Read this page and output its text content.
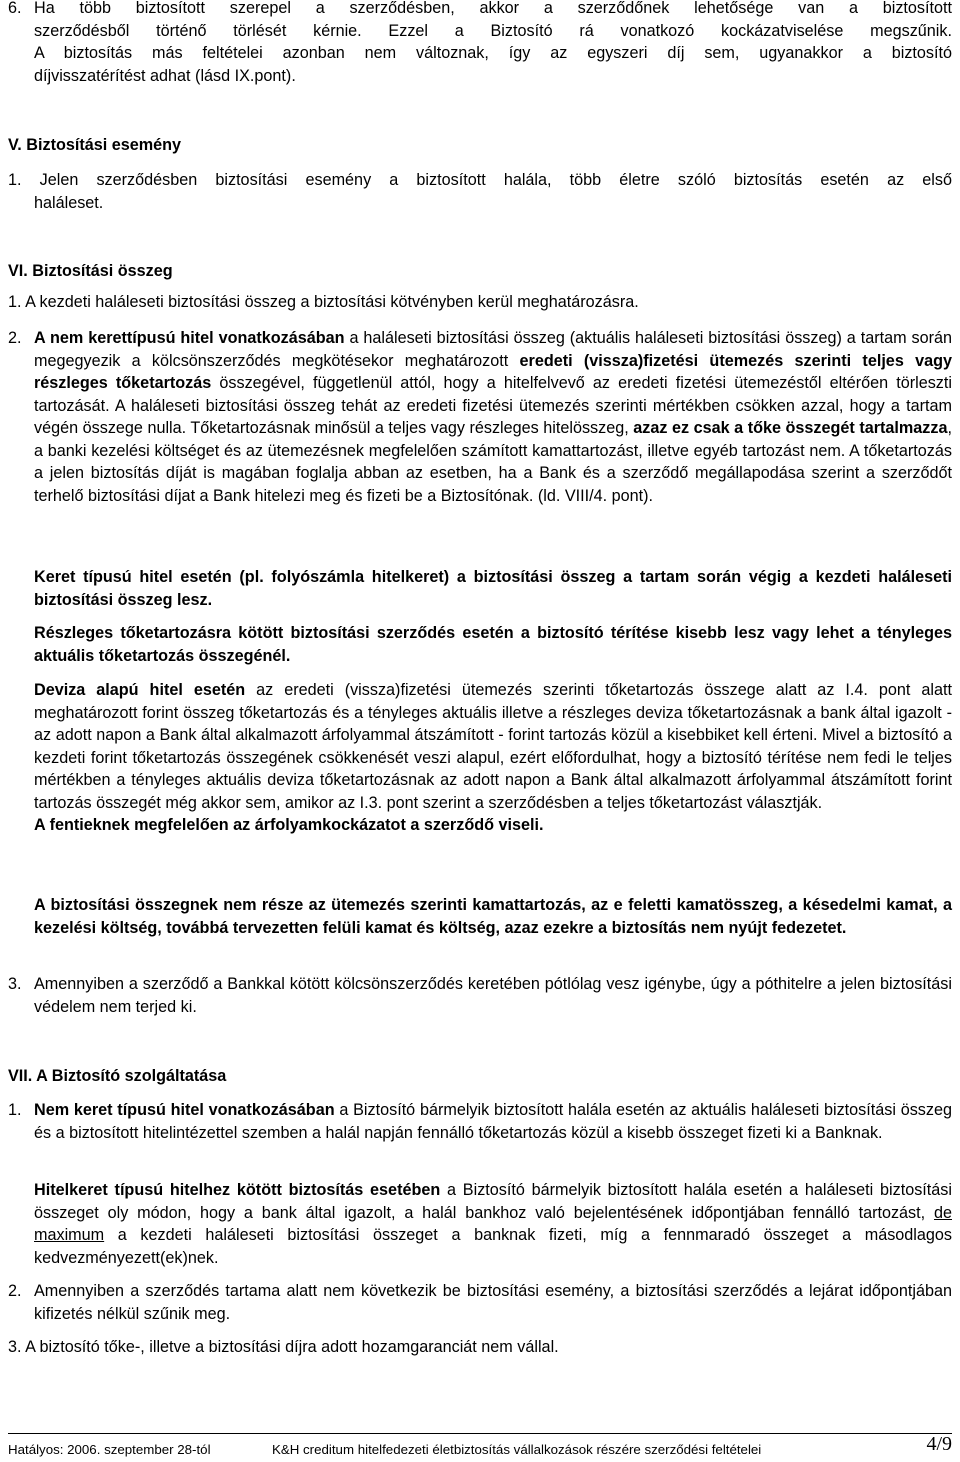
6. Ha több biztosított szerepel a szerződésben, akkor a szerződőnek lehetősége van a biztosított
szerződésből történő törlését kérnie. Ezzel a Biztosító rá vonatkozó kockázatviselése megszűnik.
A biztosítás más feltételei azonban nem változnak, így az egyszeri díj sem, ugyanakkor a biztosító
díjvisszatérítést adhat (lásd IX.pont).
V. Biztosítási esemény
1. Jelen szerződésben biztosítási esemény a biztosított halála, több életre szóló biztosítás esetén az első
haláleset.
VI. Biztosítási összeg

1. A kezdeti haláleseti biztosítási összeg a biztosítási kötvényben kerül meghatározásra.

2. A nem kerettípusú hitel vonatkozásában a haláleseti biztosítási összeg (aktuális haláleseti biztosítási összeg) a tartam során megegyezik a kölcsönszerződés megkötésekor meghatározott eredeti (vissza)fizetési ütemezés szerinti teljes vagy részleges tőketartozás összegével, függetlenül attól, hogy a hitelfelvevő az eredeti fizetési ütemezéstől eltérően törleszti tartozását. A haláleseti biztosítási összeg tehát az eredeti fizetési ütemezés szerinti mértékben csökken azzal, hogy a tartam végén összege nulla. Tőketartozásnak minősül a teljes vagy részleges hitelösszeg, azaz ez csak a tőke összegét tartalmazza, a banki kezelési költséget és az ütemezésnek megfelelően számított kamattartozást, illetve egyéb tartozást nem. A tőketartozás a jelen biztosítás díját is magában foglalja abban az esetben, ha a Bank és a szerződő megállapodása szerint a szerződőt terhelő biztosítási díjat a Bank hitelezi meg és fizeti be a Biztosítónak. (ld. VIII/4. pont).

Keret típusú hitel esetén (pl. folyószámla hitelkeret) a biztosítási összeg a tartam során végig a kezdeti haláleseti biztosítási összeg lesz.

Részleges tőketartozásra kötött biztosítási szerződés esetén a biztosító térítése kisebb lesz vagy lehet a tényleges aktuális tőketartozás összegénél.

Deviza alapú hitel esetén az eredeti (vissza)fizetési ütemezés szerinti tőketartozás összege alatt az I.4. pont alatt meghatározott forint összeg tőketartozás és a tényleges aktuális illetve a részleges deviza tőketartozásnak a bank által igazolt - az adott napon a Bank által alkalmazott árfolyammal átszámított - forint tartozás közül a kisebbiket kell érteni. Mivel a biztosító a kezdeti forint tőketartozás összegének csökkenését veszi alapul, ezért előfordulhat, hogy a biztosító térítése nem fedi le teljes mértékben a tényleges aktuális deviza tőketartozásnak az adott napon a Bank által alkalmazott árfolyammal átszámított forint tartozás összegét még akkor sem, amikor az I.3. pont szerint a szerződésben a teljes tőketartozást választják.
A fentieknek megfelelően az árfolyamkockázatot a szerződő viseli.

A biztosítási összegnek nem része az ütemezés szerinti kamattartozás, az e feletti kamatösszeg, a késedelmi kamat, a kezelési költség, továbbá tervezetten felüli kamat és költség, azaz ezekre a biztosítás nem nyújt fedezetet.

3. Amennyiben a szerződő a Bankkal kötött kölcsönszerződés keretében pótlólag vesz igénybe, úgy a póthitelre a jelen biztosítási védelem nem terjed ki.

VII. A Biztosító szolgáltatása
1. Nem keret típusú hitel vonatkozásában a Biztosító bármelyik biztosított halála esetén az aktuális haláleseti biztosítási összeg és a biztosított hitelintézettel szemben a halál napján fennálló tőketartozás közül a kisebb összeget fizeti ki a Banknak.

Hitelkeret típusú hitelhez kötött biztosítás esetében a Biztosító bármelyik biztosított halála esetén a haláleseti biztosítási összeget oly módon, hogy a bank által igazolt, a halál bankhoz való bejelentésének időpontjában fennálló tartozást, de maximum a kezdeti haláleseti biztosítási összeget a banknak fizeti, míg a fennmaradó összeget a másodlagos kedvezményezett(ek)nek.

2. Amennyiben a szerződés tartama alatt nem következik be biztosítási esemény, a biztosítási szerződés a lejárat időpontjában kifizetés nélkül szűnik meg.

3. A biztosító tőke-, illetve a biztosítási díjra adott hozamgaranciát nem vállal.

Hatályos: 2006. szeptember 28-tól	K&H creditum hitelfedezeti életbiztosítás vállalkozások részére szerződési feltételei	4/9
